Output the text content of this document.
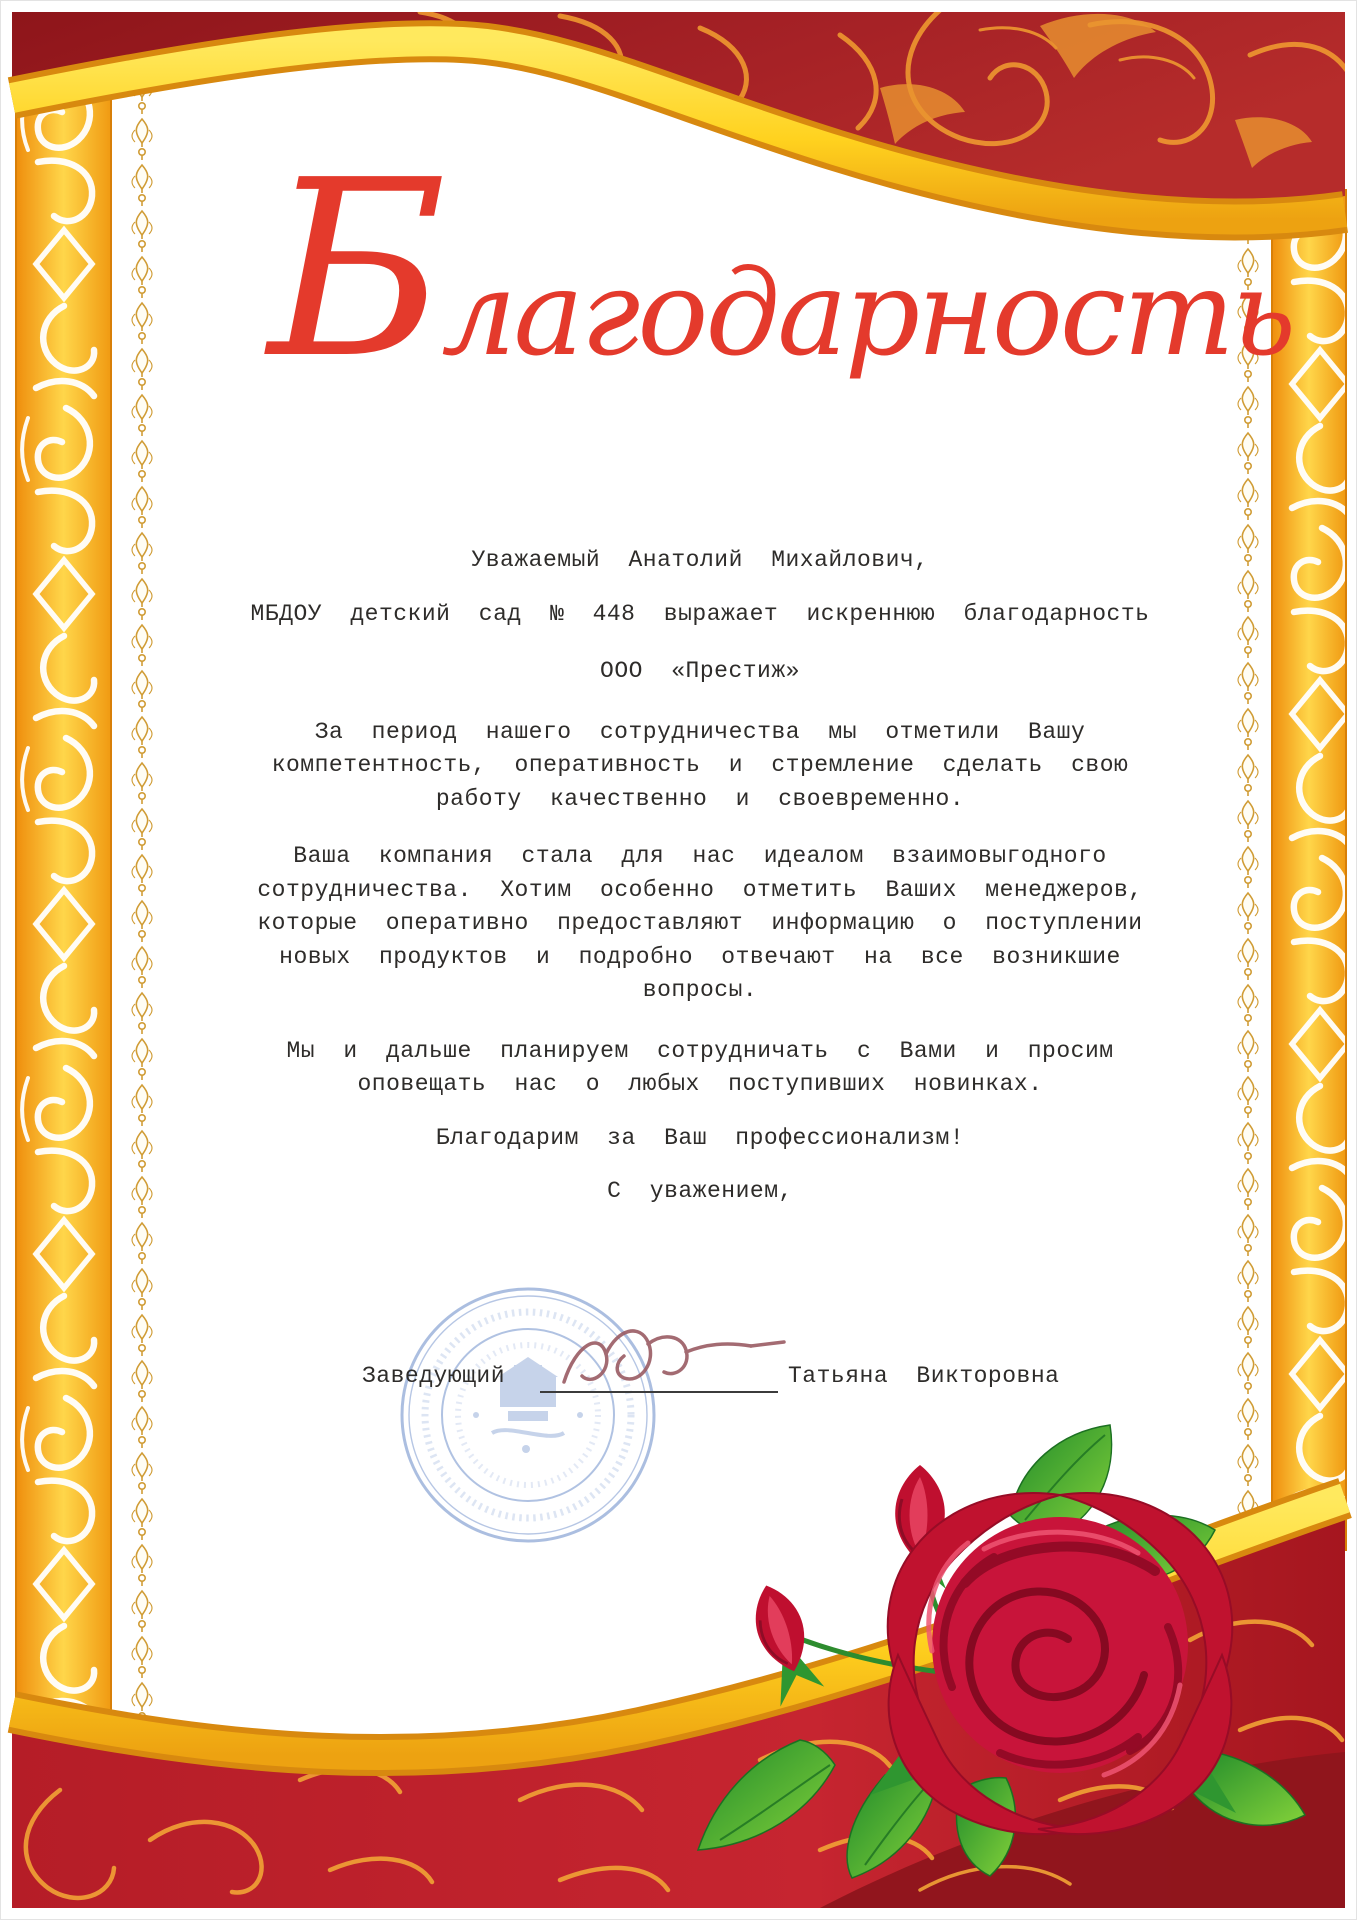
Б лагодарность
Уважаемый Анатолий Михайлович,
МБДОУ детский сад № 448 выражает искреннюю благодарность
ООО «Престиж»
За период нашего сотрудничества мы отметили Вашу
компетентность, оперативность и стремление сделать свою
работу качественно и своевременно.
Ваша компания стала для нас идеалом взаимовыгодного
сотрудничества. Хотим особенно отметить Ваших менеджеров,
которые оперативно предоставляют информацию о поступлении
новых продуктов и подробно отвечают на все возникшие
вопросы.
Мы и дальше планируем сотрудничать с Вами и просим
оповещать нас о любых поступивших новинках.
Благодарим за Ваш профессионализм!
С уважением,
Заведующий	Татьяна Викторовна
